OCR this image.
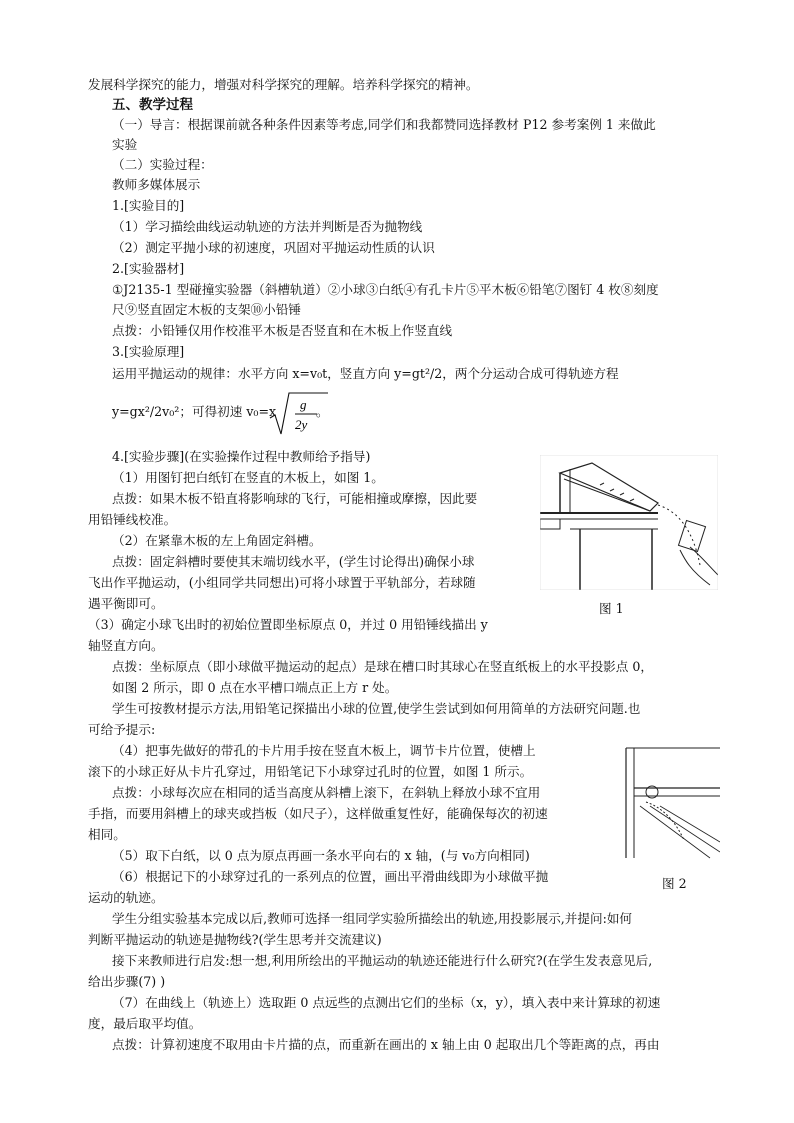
发展科学探究的能力，增强对科学探究的理解。培养科学探究的精神。
五、教学过程
（一）导言：根据课前就各种条件因素等考虑,同学们和我都赞同选择教材 P12 参考案例 1 来做此
实验
（二）实验过程：
教师多媒体展示
1.[实验目的]
（1）学习描绘曲线运动轨迹的方法并判断是否为抛物线
（2）测定平抛小球的初速度，巩固对平抛运动性质的认识
2.[实验器材]
①J2135-1 型碰撞实验器（斜槽轨道）②小球③白纸④有孔卡片⑤平木板⑥铅笔⑦图钉 4 枚⑧刻度
尺⑨竖直固定木板的支架⑩小铅锤
点拨：小铅锤仅用作校准平木板是否竖直和在木板上作竖直线
3.[实验原理]
运用平抛运动的规律：水平方向 x=v₀t，竖直方向 y=gt²/2，两个分运动合成可得轨迹方程
y=gx²/2v₀²；可得初速 v₀=x g
2y
。
4.[实验步骤](在实验操作过程中教师给予指导)
（1）用图钉把白纸钉在竖直的木板上，如图 1。
点拨：如果木板不铅直将影响球的飞行，可能相撞或摩擦，因此要
用铅锤线校准。
（2）在紧靠木板的左上角固定斜槽。
点拨：固定斜槽时要使其末端切线水平，(学生讨论得出)确保小球
飞出作平抛运动，(小组同学共同想出)可将小球置于平轨部分，若球随
遇平衡即可。
（3）确定小球飞出时的初始位置即坐标原点 0，并过 0 用铅锤线描出 y
轴竖直方向。
点拨：坐标原点（即小球做平抛运动的起点）是球在槽口时其球心在竖直纸板上的水平投影点 0，
如图 2 所示，即 0 点在水平槽口端点正上方 r 处。
学生可按教材提示方法,用铅笔记探描出小球的位置,使学生尝试到如何用简单的方法研究问题.也
可给予提示:
（4）把事先做好的带孔的卡片用手按在竖直木板上，调节卡片位置，使槽上
滚下的小球正好从卡片孔穿过，用铅笔记下小球穿过孔时的位置，如图 1 所示。
点拨：小球每次应在相同的适当高度从斜槽上滚下，在斜轨上释放小球不宜用
手指，而要用斜槽上的球夹或挡板（如尺子），这样做重复性好，能确保每次的初速
相同。
（5）取下白纸，以 0 点为原点再画一条水平向右的 x 轴，(与 v₀方向相同)
（6）根据记下的小球穿过孔的一系列点的位置，画出平滑曲线即为小球做平抛
运动的轨迹。
学生分组实验基本完成以后,教师可选择一组同学实验所描绘出的轨迹,用投影展示,并提问:如何
判断平抛运动的轨迹是抛物线?(学生思考并交流建议)
接下来教师进行启发:想一想,利用所绘出的平抛运动的轨迹还能进行什么研究?(在学生发表意见后,
给出步骤(7) )
（7）在曲线上（轨迹上）选取距 0 点远些的点测出它们的坐标（x，y），填入表中来计算球的初速
度，最后取平均值。
点拨：计算初速度不取用由卡片描的点，而重新在画出的 x 轴上由 0 起取出几个等距离的点，再由
图 1
图 2
